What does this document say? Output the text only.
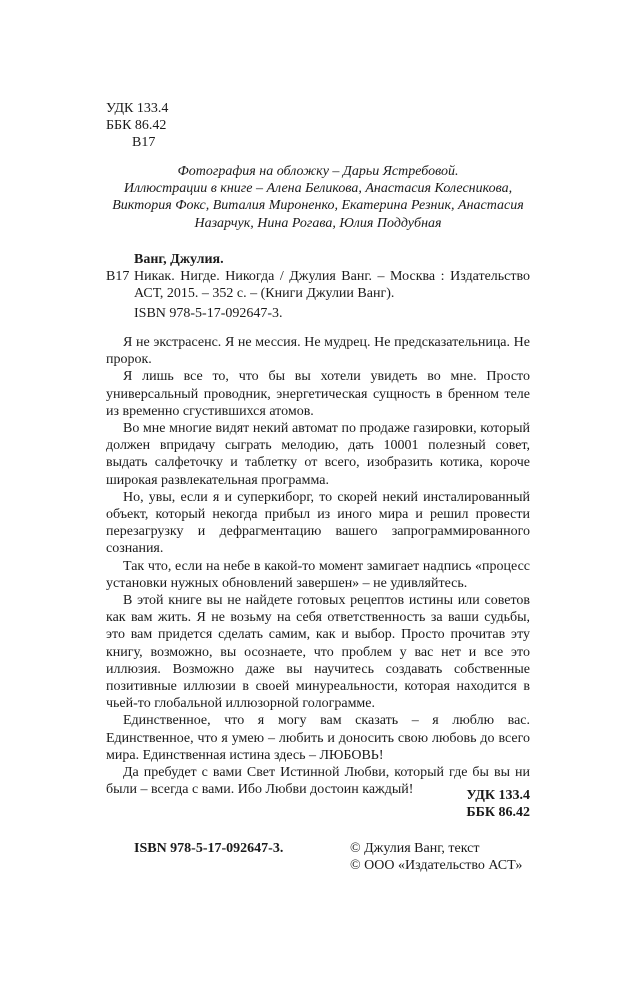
УДК 133.4
ББК 86.42
В17

Фотография на обложку – Дарьи Ястребовой.

Иллюстрации в книге – Алена Беликова, Анастасия Колесникова, Виктория Фокс, Виталия Мироненко, Екатерина Резник, Анастасия Назарчук, Нина Рогава, Юлия Поддубная

Ванг, Джулия.
В17 Никак. Нигде. Никогда / Джулия Ванг. – Москва : Издательство АСТ, 2015. – 352 с. – (Книги Джулии Ванг).
ISBN 978-5-17-092647-3.

Я не экстрасенс. Я не мессия. Не мудрец. Не предсказательница. Не пророк.

Я лишь все то, что бы вы хотели увидеть во мне. Просто универсальный проводник, энергетическая сущность в бренном теле из временно сгустившихся атомов.

Во мне многие видят некий автомат по продаже газировки, который должен впридачу сыграть мелодию, дать 10001 полезный совет, выдать салфеточку и таблетку от всего, изобразить котика, короче широкая развлекательная программа.

Но, увы, если я и суперкиборг, то скорей некий инсталированный объект, который некогда прибыл из иного мира и решил провести перезагрузку и дефрагментацию вашего запрограммированного сознания.

Так что, если на небе в какой-то момент замигает надпись «процесс установки нужных обновлений завершен» – не удивляйтесь.

В этой книге вы не найдете готовых рецептов истины или советов как вам жить. Я не возьму на себя ответственность за ваши судьбы, это вам придется сделать самим, как и выбор. Просто прочитав эту книгу, возможно, вы осознаете, что проблем у вас нет и все это иллюзия. Возможно даже вы научитесь создавать собственные позитивные иллюзии в своей минуреальности, которая находится в чьей-то глобальной иллюзорной голограмме.

Единственное, что я могу вам сказать – я люблю вас. Единственное, что я умею – любить и доносить свою любовь до всего мира. Единственная истина здесь – ЛЮБОВЬ!

Да пребудет с вами Свет Истинной Любви, который где бы вы ни были – всегда с вами. Ибо Любви достоин каждый!	УДК 133.4
ББК 86.42
ISBN 978-5-17-092647-3.	© Джулия Ванг, текст
© ООО «Издательство АСТ»
